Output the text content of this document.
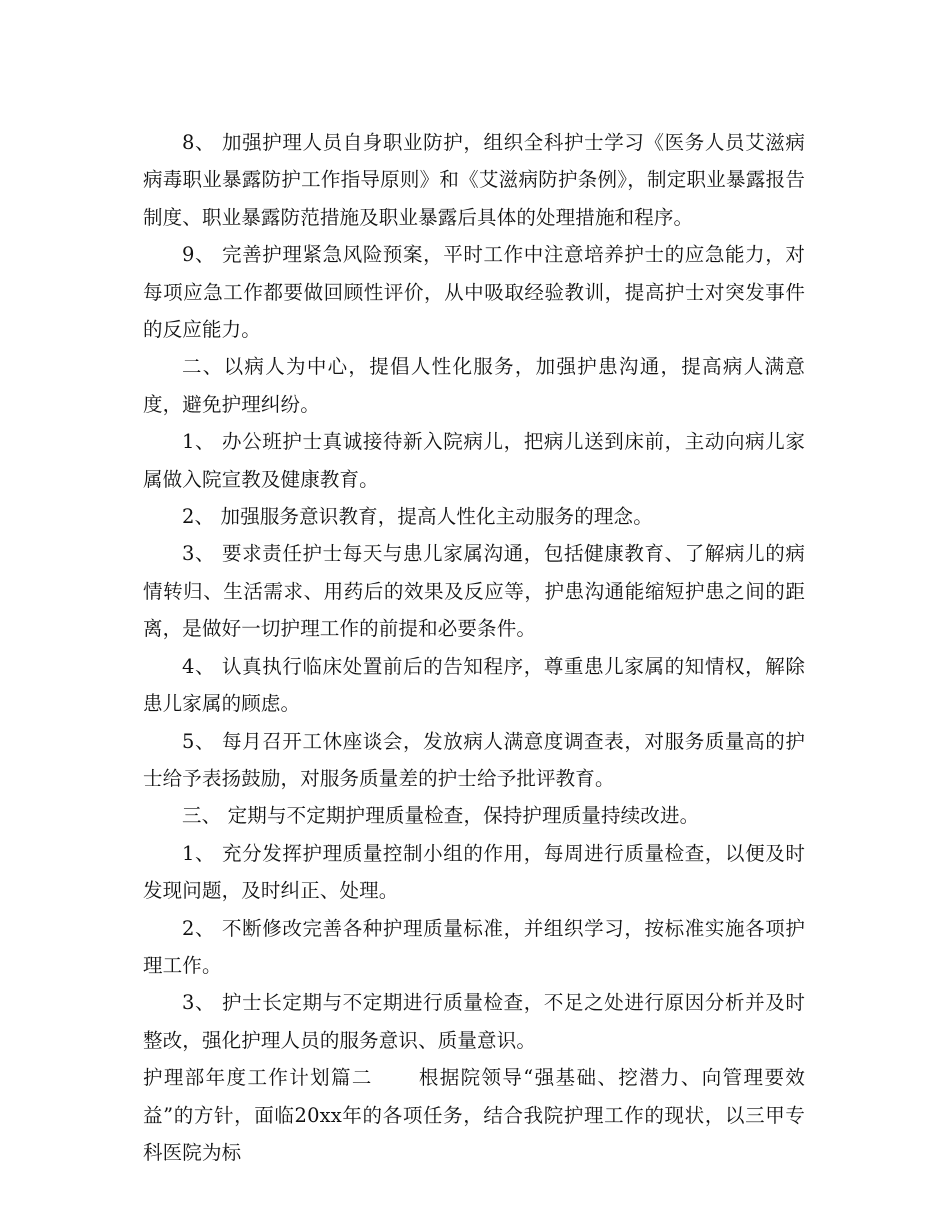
8、 加强护理人员自身职业防护，组织全科护士学习《医务人员艾滋病病毒职业暴露防护工作指导原则》和《艾滋病防护条例》，制定职业暴露报告制度、职业暴露防范措施及职业暴露后具体的处理措施和程序。

9、 完善护理紧急风险预案，平时工作中注意培养护士的应急能力，对每项应急工作都要做回顾性评价，从中吸取经验教训，提高护士对突发事件的反应能力。

二、以病人为中心，提倡人性化服务，加强护患沟通，提高病人满意度，避免护理纠纷。

1、 办公班护士真诚接待新入院病儿，把病儿送到床前，主动向病儿家属做入院宣教及健康教育。

2、 加强服务意识教育，提高人性化主动服务的理念。

3、 要求责任护士每天与患儿家属沟通，包括健康教育、了解病儿的病情转归、生活需求、用药后的效果及反应等，护患沟通能缩短护患之间的距离，是做好一切护理工作的前提和必要条件。

4、 认真执行临床处置前后的告知程序，尊重患儿家属的知情权，解除患儿家属的顾虑。

5、 每月召开工休座谈会，发放病人满意度调查表，对服务质量高的护士给予表扬鼓励，对服务质量差的护士给予批评教育。

三、 定期与不定期护理质量检查，保持护理质量持续改进。

1、 充分发挥护理质量控制小组的作用，每周进行质量检查，以便及时发现问题，及时纠正、处理。

2、 不断修改完善各种护理质量标准，并组织学习，按标准实施各项护理工作。

3、 护士长定期与不定期进行质量检查，不足之处进行原因分析并及时整改，强化护理人员的服务意识、质量意识。

护理部年度工作计划篇二 根据院领导“强基础、挖潜力、向管理要效益”的方针，面临20xx年的各项任务，结合我院护理工作的现状，以三甲专科医院为标
